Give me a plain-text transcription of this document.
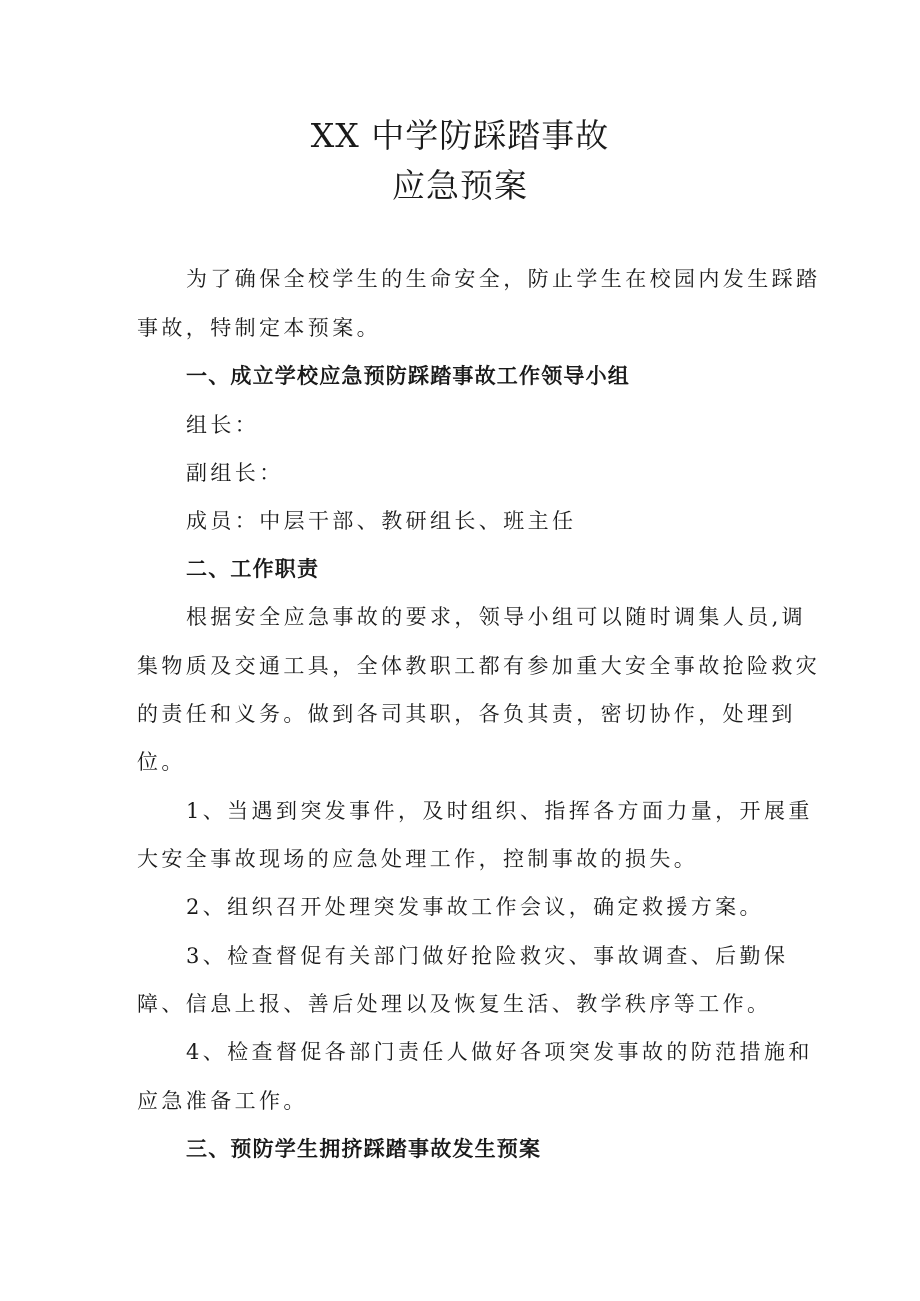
XX 中学防踩踏事故
应急预案

为了确保全校学生的生命安全，防止学生在校园内发生踩踏

事故，特制定本预案。

一、成立学校应急预防踩踏事故工作领导小组

组长：

副组长：

成员：中层干部、教研组长、班主任

二、工作职责

根据安全应急事故的要求，领导小组可以随时调集人员,调

集物质及交通工具，全体教职工都有参加重大安全事故抢险救灾

的责任和义务。做到各司其职，各负其责，密切协作，处理到

位。

1、当遇到突发事件，及时组织、指挥各方面力量，开展重

大安全事故现场的应急处理工作，控制事故的损失。

2、组织召开处理突发事故工作会议，确定救援方案。

3、检查督促有关部门做好抢险救灾、事故调查、后勤保

障、信息上报、善后处理以及恢复生活、教学秩序等工作。

4、检查督促各部门责任人做好各项突发事故的防范措施和

应急准备工作。

三、预防学生拥挤踩踏事故发生预案
